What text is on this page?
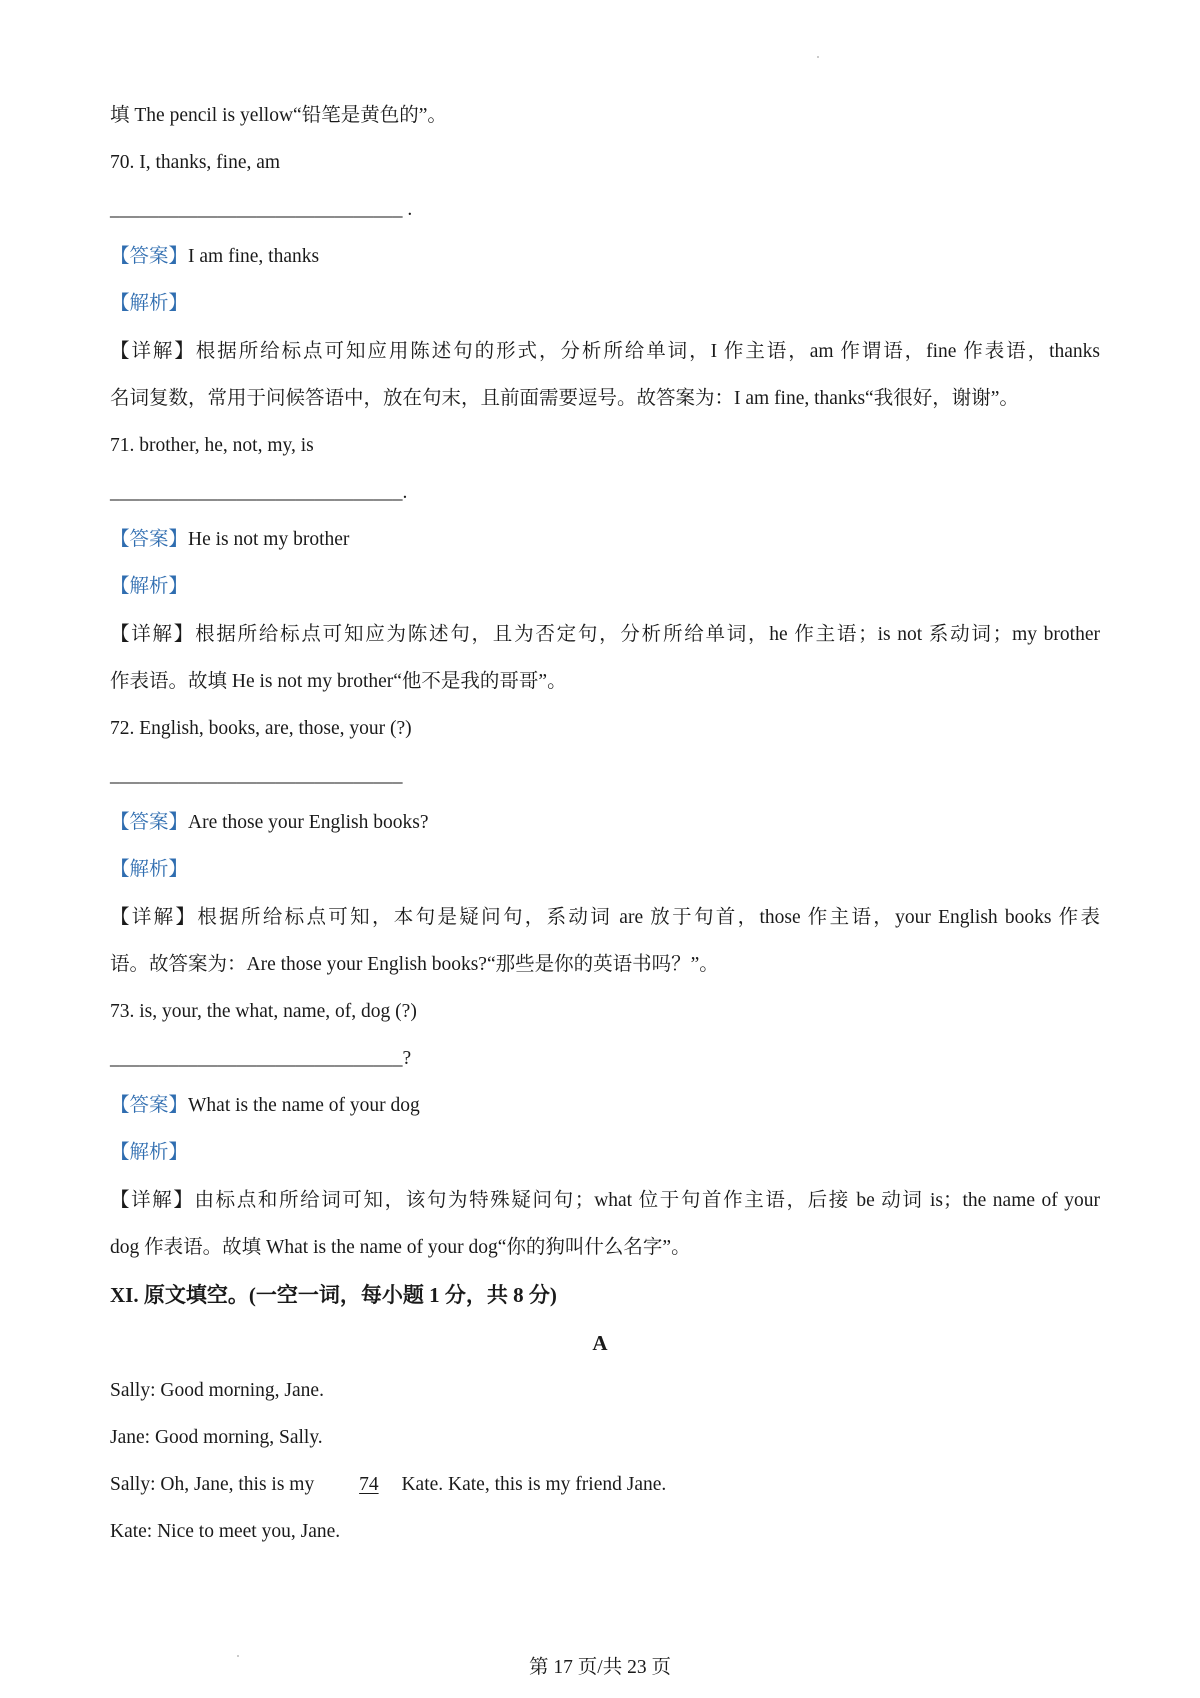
填 The pencil is yellow“铅笔是黄色的”。
70. I, thanks, fine, am
______________________________ .
【答案】I am fine, thanks
【解析】
【详解】根据所给标点可知应用陈述句的形式，分析所给单词，I 作主语，am 作谓语，fine 作表语，thanks
名词复数，常用于问候答语中，放在句末，且前面需要逗号。故答案为：I am fine, thanks“我很好，谢谢”。
71. brother, he, not, my, is
______________________________.
【答案】He is not my brother
【解析】
【详解】根据所给标点可知应为陈述句，且为否定句，分析所给单词，he 作主语；is not 系动词；my brother
作表语。故填 He is not my brother“他不是我的哥哥”。
72. English, books, are, those, your (?)
______________________________
【答案】Are those your English books?
【解析】
【详解】根据所给标点可知，本句是疑问句，系动词 are 放于句首，those 作主语，your English books 作表
语。故答案为：Are those your English books?“那些是你的英语书吗？”。
73. is, your, the what, name, of, dog (?)
______________________________?
【答案】What is the name of your dog
【解析】
【详解】由标点和所给词可知，该句为特殊疑问句；what 位于句首作主语，后接 be 动词 is；the name of your
dog 作表语。故填 What is the name of your dog“你的狗叫什么名字”。
XI. 原文填空。(一空一词，每小题 1 分，共 8 分)
A
Sally: Good morning, Jane.
Jane: Good morning, Sally.
Sally: Oh, Jane, this is my 74 Kate. Kate, this is my friend Jane.
Kate: Nice to meet you, Jane.
第 17 页/共 23 页
